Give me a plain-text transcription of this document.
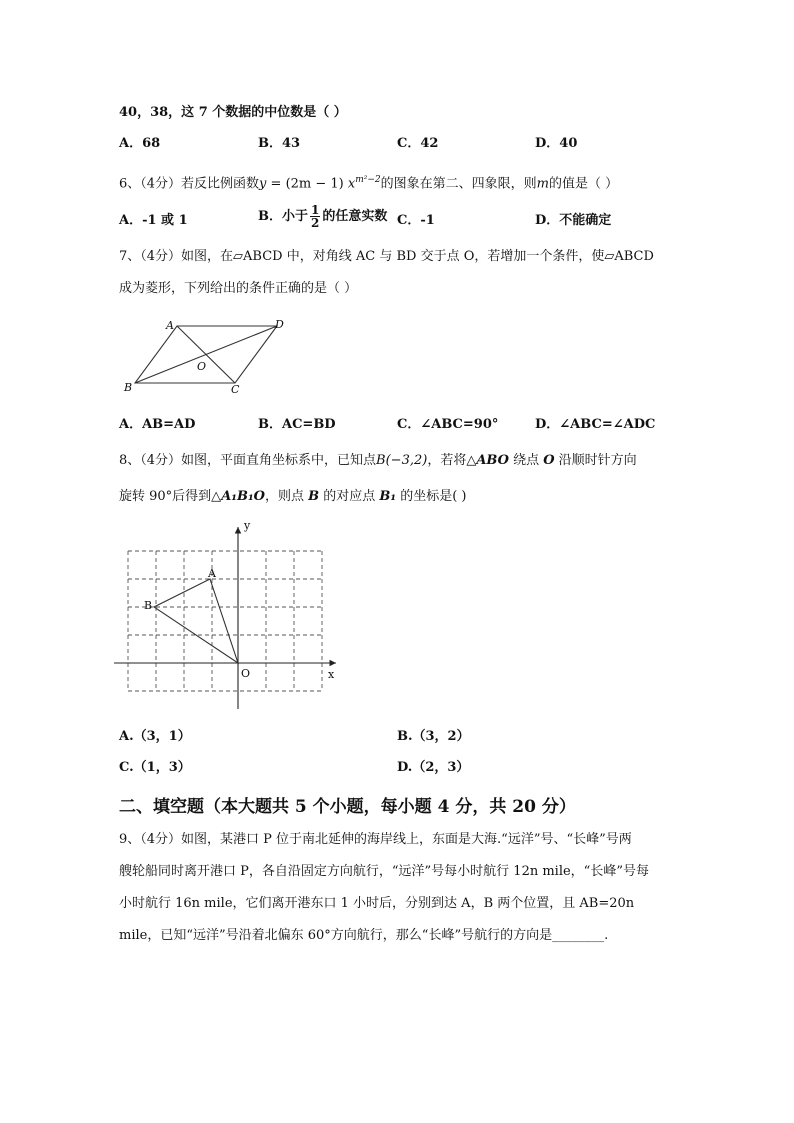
40，38，这 7 个数据的中位数是（ ）
A．68	B．43	C．42	D．40
6、（4分）若反比例函数y = (2m − 1) $x^{m^2-2}$的图象在第二、四象限，则m的值是（ ）
A．-1 或 1	B．小于 $\frac{1}{2}$ 的任意实数 C．-1	D．不能确定
7、（4分）如图，在▱ABCD 中，对角线 AC 与 BD 交于点 O，若增加一个条件，使▱ABCD
成为菱形，下列给出的条件正确的是（ ）
A	D
B	C
O
A．AB=AD	B．AC=BD	C．∠ABC=90°	D．∠ABC=∠ADC
8、（4分）如图，平面直角坐标系中，已知点B(−3,2)，若将△ABO 绕点 O 沿顺时针方向
旋转 90°后得到△A₁B₁O，则点 B 的对应点 B₁ 的坐标是( )
y
x
A
B
O
A.（3，1）	B.（3，2）
C.（1，3）	D.（2，3）
二、填空题（本大题共 5 个小题，每小题 4 分，共 20 分）
9、（4分）如图，某港口 P 位于南北延伸的海岸线上，东面是大海.“远洋”号、“长峰”号两
艘轮船同时离开港口 P，各自沿固定方向航行，“远洋”号每小时航行 12n mile，“长峰”号每
小时航行 16n mile，它们离开港东口 1 小时后，分别到达 A，B 两个位置，且 AB=20n
mile，已知“远洋”号沿着北偏东 60°方向航行，那么“长峰”号航行的方向是________.
